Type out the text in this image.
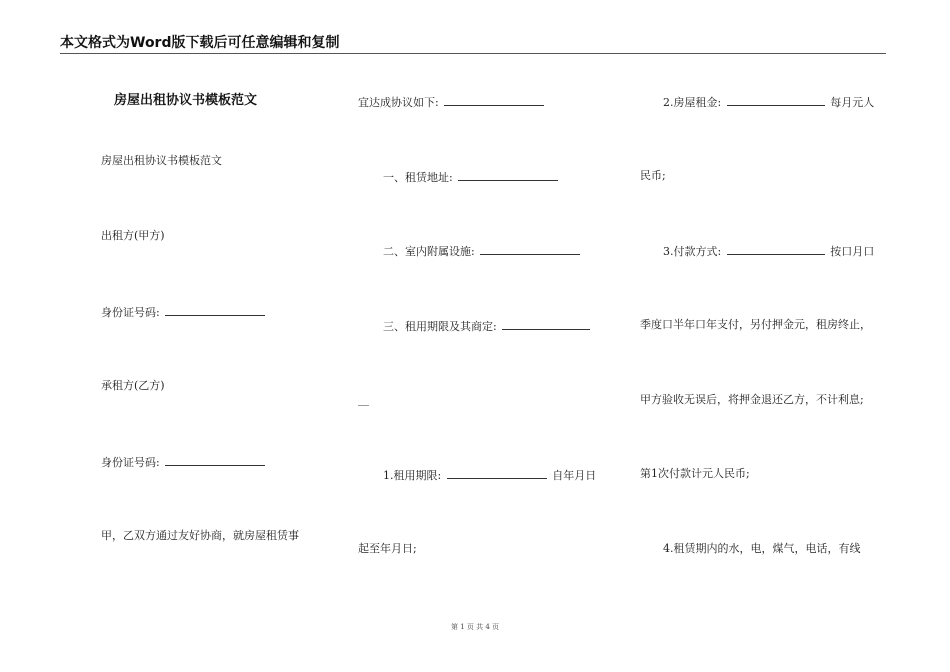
本文格式为Word版下载后可任意编辑和复制
房屋出租协议书模板范文
房屋出租协议书模板范文
出租方(甲方)
身份证号码:
承租方(乙方)
身份证号码:
甲，乙双方通过友好协商，就房屋租赁事
宜达成协议如下:
一、租赁地址:
二、室内附属设施:
三、租用期限及其商定:
__
1.租用期限:	自年月日
起至年月日;
2.房屋租金:	每月元人
民币;
3.付款方式:	按口月口
季度口半年口年支付，另付押金元，租房终止，
甲方验收无误后，将押金退还乙方，不计利息;
第1次付款计元人民币;
4.租赁期内的水，电，煤气，电话，有线
第 1 页 共 4 页
